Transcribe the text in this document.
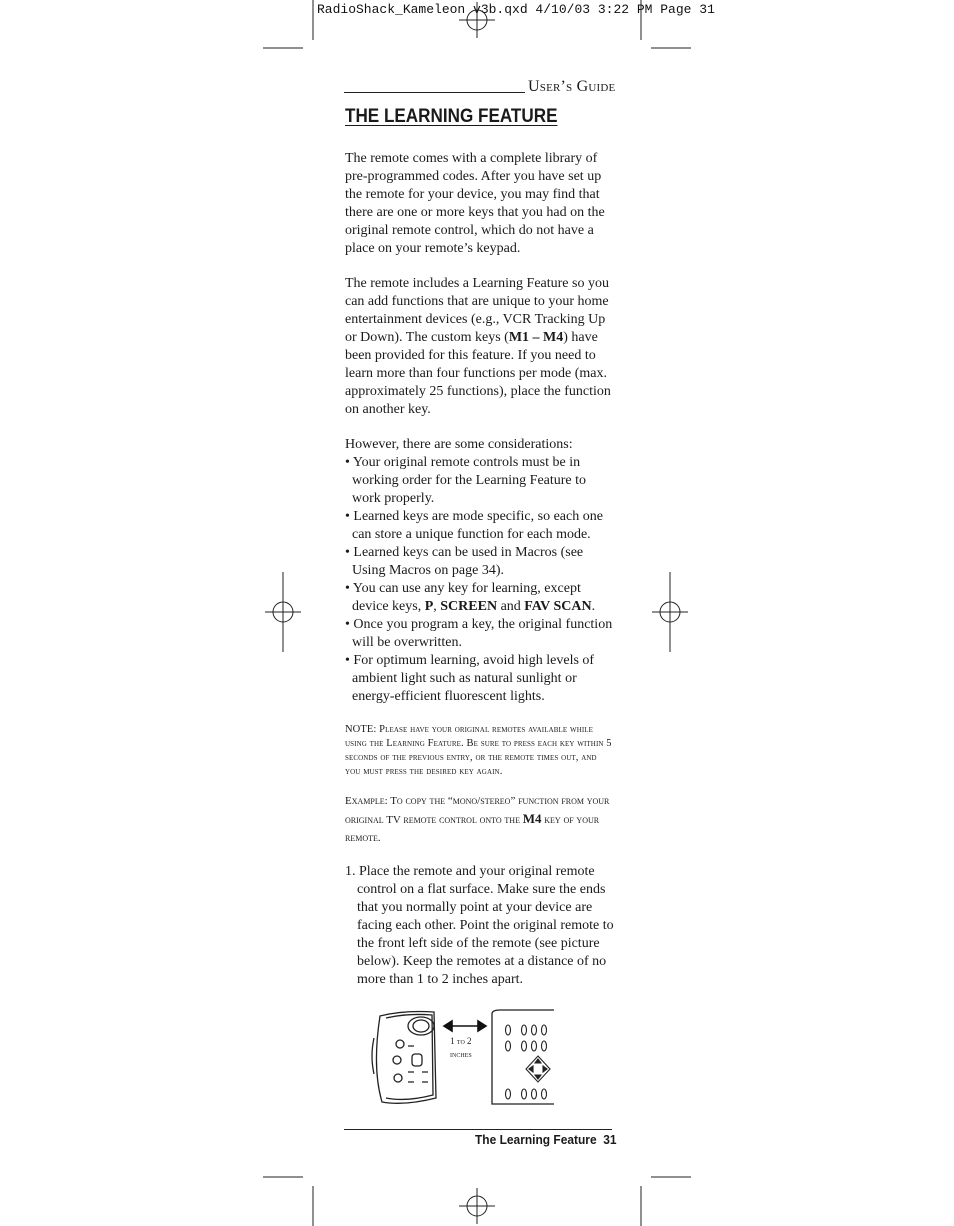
RadioShack_Kameleon v3b.qxd 4/10/03 3:22 PM Page 31
User’s Guide
THE LEARNING FEATURE

The remote comes with a complete library of pre-programmed codes. After you have set up the remote for your device, you may find that there are one or more keys that you had on the original remote control, which do not have a place on your remote’s keypad.

The remote includes a Learning Feature so you can add functions that are unique to your home entertainment devices (e.g., VCR Tracking Up or Down). The custom keys (M1 – M4) have been provided for this feature. If you need to learn more than four functions per mode (max. approximately 25 functions), place the function on another key.

However, there are some considerations:

• Your original remote controls must be in working order for the Learning Feature to work properly.
• Learned keys are mode specific, so each one can store a unique function for each mode.
• Learned keys can be used in Macros (see Using Macros on page 34).
• You can use any key for learning, except device keys, P, SCREEN and FAV SCAN.
• Once you program a key, the original function will be overwritten.
• For optimum learning, avoid high levels of ambient light such as natural sunlight or energy-efficient fluorescent lights.
NOTE: Please have your original remotes available while using the Learning Feature. Be sure to press each key within 5 seconds of the previous entry, or the remote times out, and you must press the desired key again.
Example: To copy the “mono/stereo” function from your original TV remote control onto the M4 key of your remote.
1. Place the remote and your original remote control on a flat surface. Make sure the ends that you normally point at your device are facing each other. Point the original remote to the front left side of the remote (see picture below). Keep the remotes at a distance of no more than 1 to 2 inches apart.
1 to 2
inches
The Learning Feature 31
